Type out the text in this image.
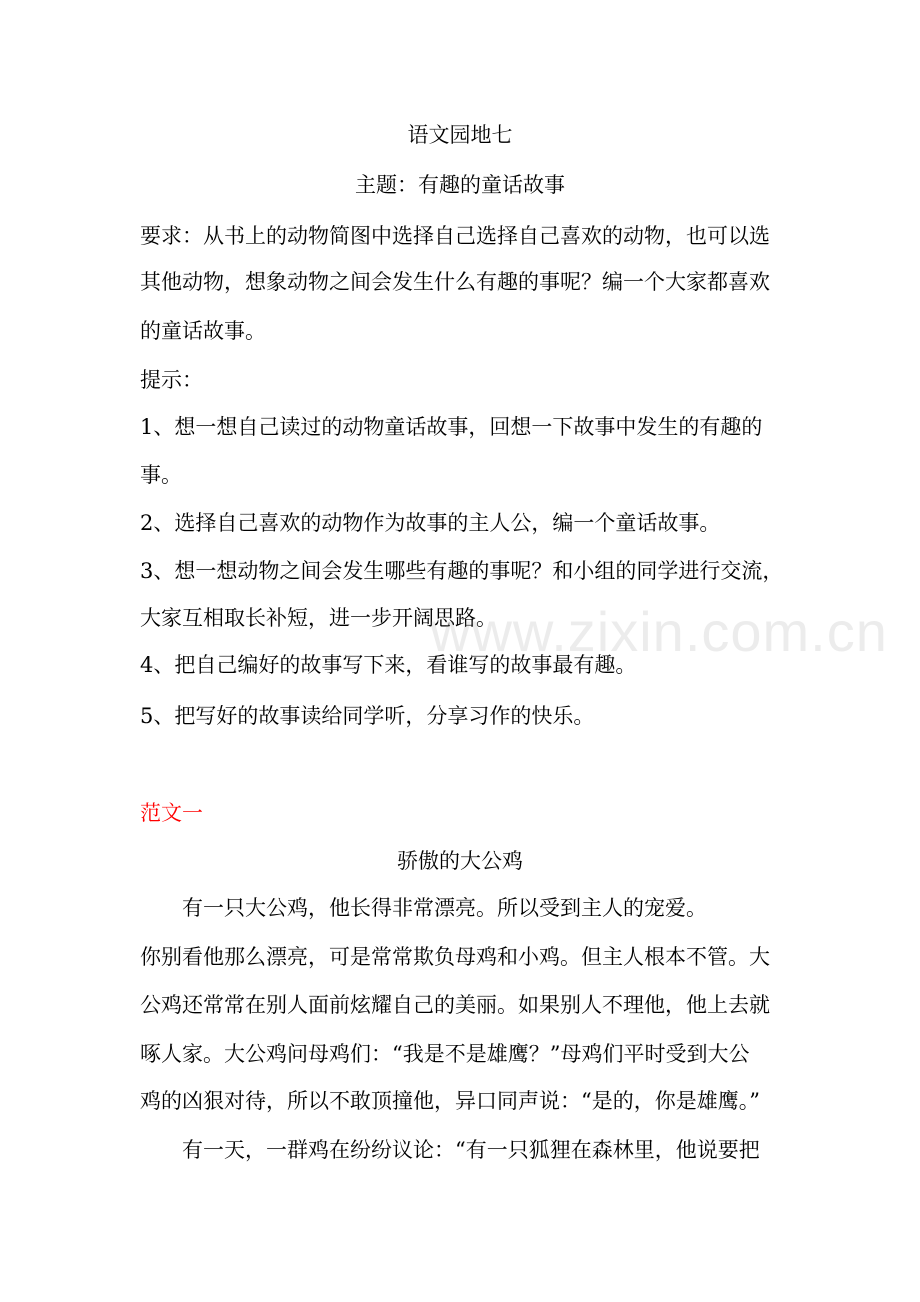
语文园地七
主题：有趣的童话故事
要求：从书上的动物简图中选择自己选择自己喜欢的动物，也可以选
其他动物，想象动物之间会发生什么有趣的事呢？编一个大家都喜欢
的童话故事。
提示：
1、想一想自己读过的动物童话故事，回想一下故事中发生的有趣的
事。
2、选择自己喜欢的动物作为故事的主人公，编一个童话故事。
3、想一想动物之间会发生哪些有趣的事呢？和小组的同学进行交流，
大家互相取长补短，进一步开阔思路。
4、把自己编好的故事写下来，看谁写的故事最有趣。
5、把写好的故事读给同学听，分享习作的快乐。
范文一
骄傲的大公鸡
有一只大公鸡，他长得非常漂亮。所以受到主人的宠爱。
你别看他那么漂亮，可是常常欺负母鸡和小鸡。但主人根本不管。大
公鸡还常常在别人面前炫耀自己的美丽。如果别人不理他，他上去就
啄人家。大公鸡问母鸡们：“我是不是雄鹰？”母鸡们平时受到大公
鸡的凶狠对待，所以不敢顶撞他，异口同声说：“是的，你是雄鹰。”
有一天，一群鸡在纷纷议论：“有一只狐狸在森林里，他说要把
www.zixin.com.cn
